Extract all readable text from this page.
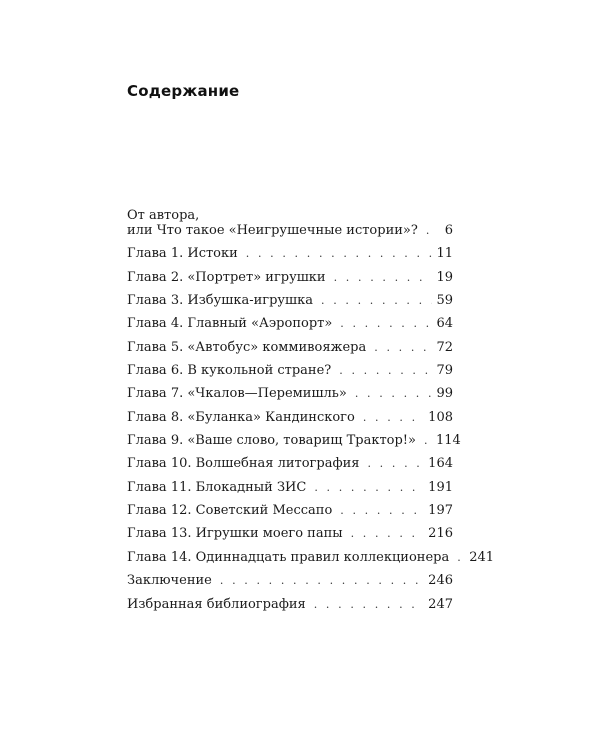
Содержание
От автора,
или Что такое «Неигрушечные истории»? . . . 6
Глава 1. Истоки . . .	11
Глава 2. «Портрет» игрушки . . .	19
Глава 3. Избушка-игрушка . . .	59
Глава 4. Главный «Аэропорт» . . .	64
Глава 5. «Автобус» коммивояжера . . .	72
Глава 6. В кукольной стране? . . .	79
Глава 7. «Чкалов—Перемишль» . . .	99
Глава 8. «Буланка» Кандинского . . .	108
Глава 9. «Ваше слово, товарищ Трактор!» . . . 114
Глава 10. Волшебная литография . . .	164
Глава 11. Блокадный ЗИС . . .	191
Глава 12. Советский Мессапо . . .	197
Глава 13. Игрушки моего папы . . .	216
Глава 14. Одиннадцать правил коллекционера . . . 241
Заключение . . .	246
Избранная библиография . . .	247
